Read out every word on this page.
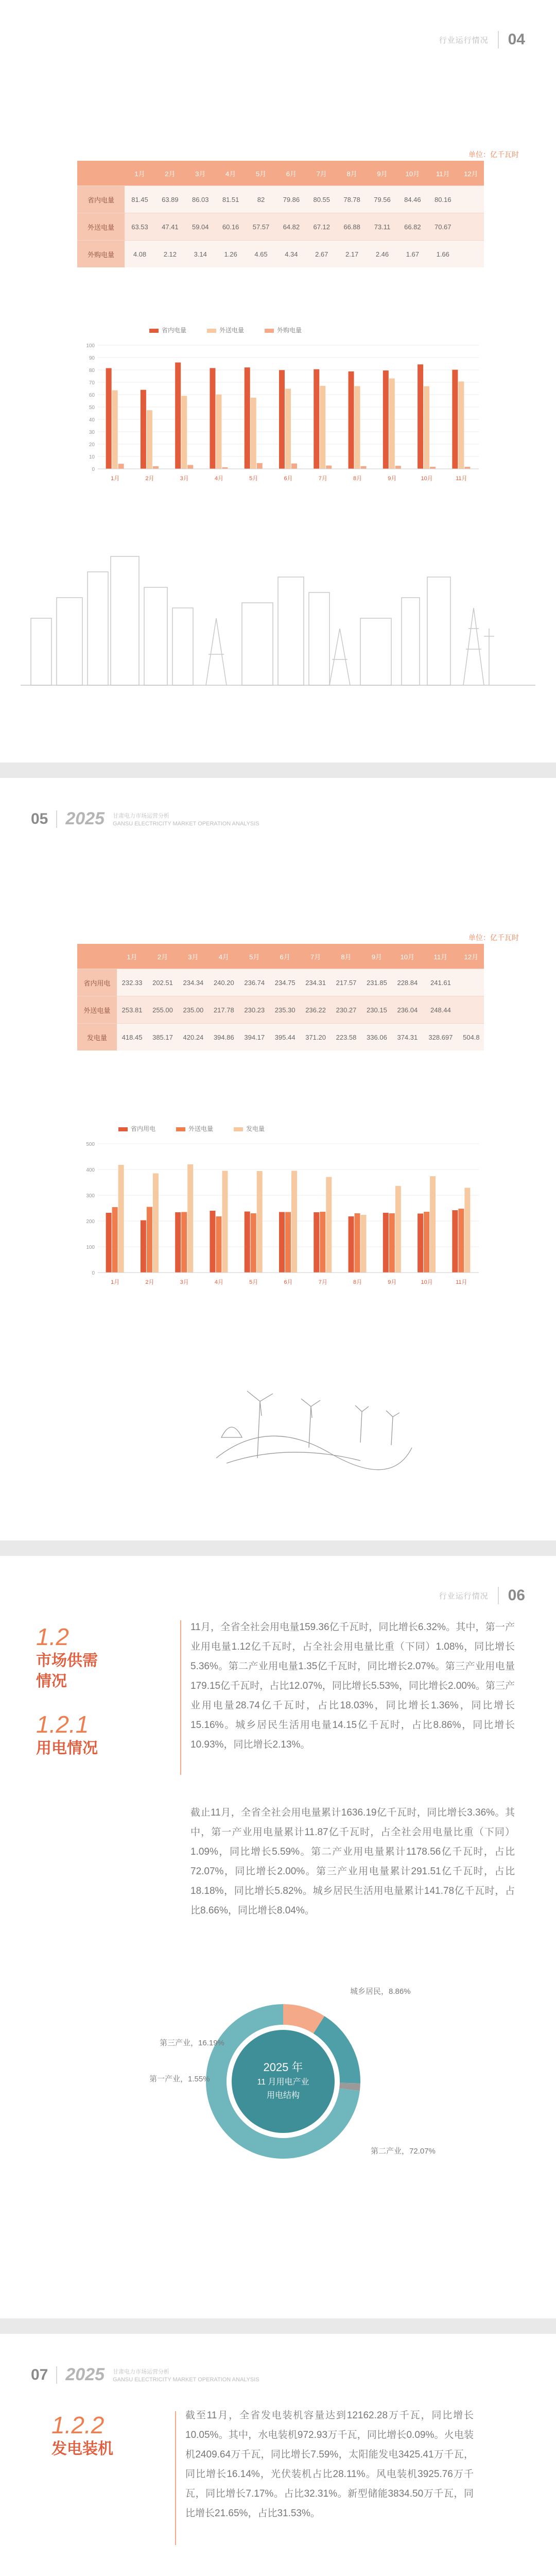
行业运行情况 04
单位：亿千瓦时
	1月	2月	3月	4月	5月	6月	7月	8月	9月	10月	11月	12月
省内电量	81.45	63.89	86.03	81.51	82	79.86	80.55	78.78	79.56	84.46	80.16	
外送电量	63.53	47.41	59.04	60.16	57.57	64.82	67.12	66.88	73.11	66.82	70.67	
外购电量	4.08	2.12	3.14	1.26	4.65	4.34	2.67	2.17	2.46	1.67	1.66	
省内电量	外送电量	外购电量
0
10
20
30
40
50
60
70
80
90
100
1月	2月	3月	4月	5月	6月	7月	8月	9月	10月	11月
05 2025 甘肃电力市场运营分析
GANSU ELECTRICITY MARKET OPERATION ANALYSIS
单位：亿千瓦时
	1月	2月	3月	4月	5月	6月	7月	8月	9月	10月	11月	12月
省内用电	232.33	202.51	234.34	240.20	236.74	234.75	234.31	217.57	231.85	228.84	241.61	
外送电量	253.81	255.00	235.00	217.78	230.23	235.30	236.22	230.27	230.15	236.04	248.44	
发电量	418.45	385.17	420.24	394.86	394.17	395.44	371.20	223.58	336.06	374.31	328.697	504.8
省内用电	外送电量	发电量
0
100
200
300
400
500
1月	2月	3月	4月	5月	6月	7月	8月	9月	10月	11月
行业运行情况 06
1.2
市场供需
情况
1.2.1
用电情况
11月，全省全社会用电量159.36亿千瓦时，同比增长6.32%。其中，第一产业用电量1.12亿千瓦时，占全社会用电量比重（下同）1.08%，同比增长5.36%。第二产业用电量1.35亿千瓦时，同比增长2.07%。第三产业用电量179.15亿千瓦时，占比12.07%，同比增长5.53%，同比增长2.00%。第三产业用电量28.74亿千瓦时，占比18.03%，同比增长1.36%，同比增长15.16%。城乡居民生活用电量14.15亿千瓦时，占比8.86%，同比增长10.93%，同比增长2.13%。
截止11月，全省全社会用电量累计1636.19亿千瓦时，同比增长3.36%。其中，第一产业用电量累计11.87亿千瓦时，占全社会用电量比重（下同）1.09%，同比增长5.59%。第二产业用电量累计1178.56亿千瓦时，占比72.07%，同比增长2.00%。第三产业用电量累计291.51亿千瓦时，占比18.18%，同比增长5.82%。城乡居民生活用电量累计141.78亿千瓦时，占比8.66%，同比增长8.04%。
2025 年
11 月用电产业
用电结构
城乡居民，8.86%
第三产业，16.19%
第一产业，1.55%
第二产业，72.07%
07 2025 甘肃电力市场运营分析
GANSU ELECTRICITY MARKET OPERATION ANALYSIS
1.2.2
发电装机
截至11月，全省发电装机容量达到12162.28万千瓦，同比增长10.05%。其中，水电装机972.93万千瓦，同比增长0.09%。火电装机2409.64万千瓦，同比增长7.59%，太阳能发电3425.41万千瓦，同比增长16.14%，光伏装机占比28.11%。风电装机3925.76万千瓦，同比增长7.17%。占比32.31%。新型储能3834.50万千瓦，同比增长21.65%，占比31.53%。
